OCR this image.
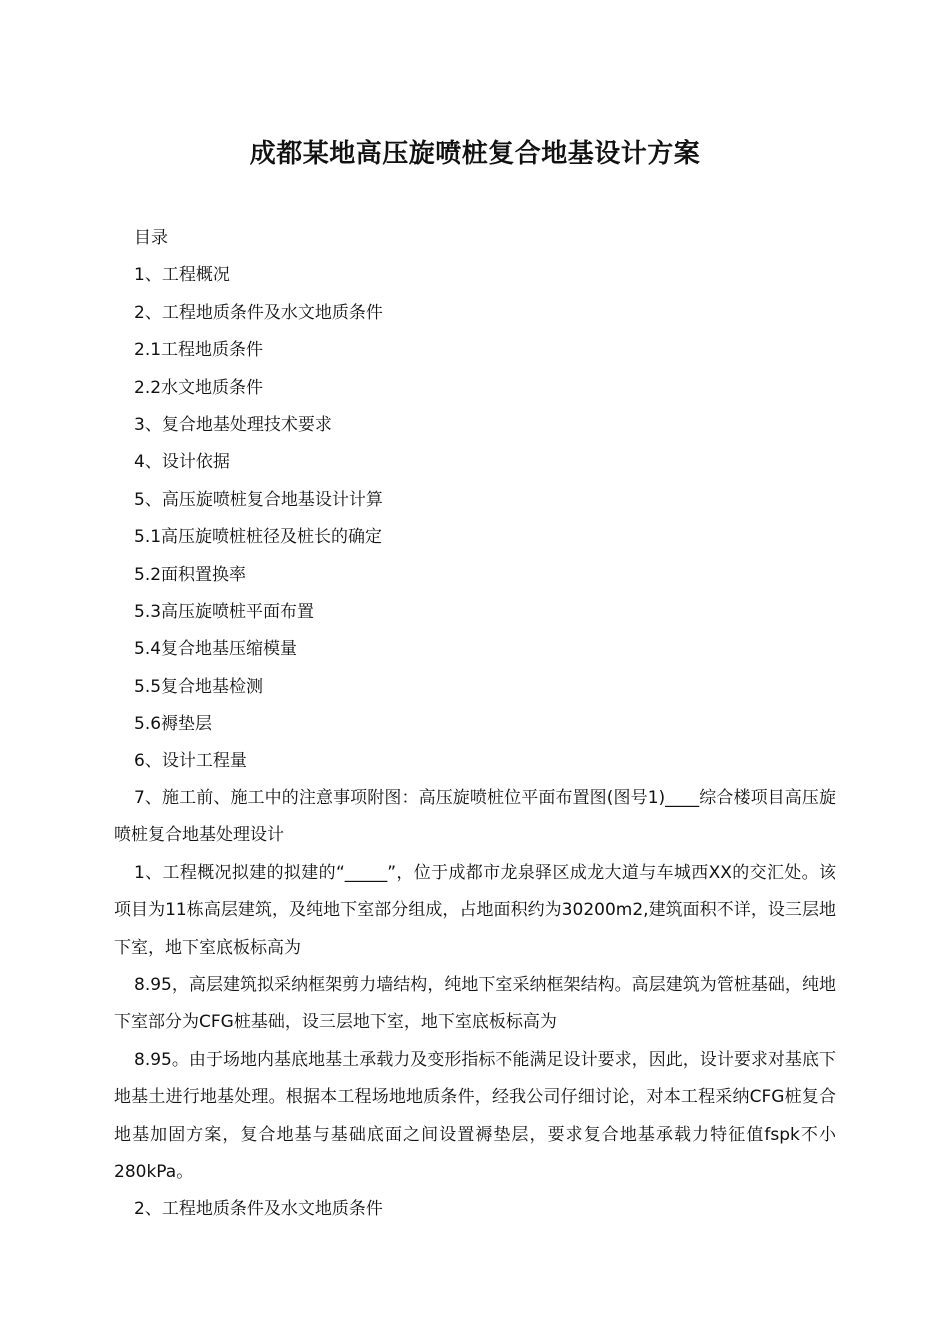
成都某地高压旋喷桩复合地基设计方案
目录
1、工程概况
2、工程地质条件及水文地质条件
2.1工程地质条件
2.2水文地质条件
3、复合地基处理技术要求
4、设计依据
5、高压旋喷桩复合地基设计计算
5.1高压旋喷桩桩径及桩长的确定
5.2面积置换率
5.3高压旋喷桩平面布置
5.4复合地基压缩模量
5.5复合地基检测
5.6褥垫层
6、设计工程量

7、施工前、施工中的注意事项附图：高压旋喷桩位平面布置图(图号1)____综合楼项目高压旋喷桩复合地基处理设计

1、工程概况拟建的拟建的“_____”，位于成都市龙泉驿区成龙大道与车城西XX的交汇处。该项目为11栋高层建筑，及纯地下室部分组成，占地面积约为30200m2,建筑面积不详，设三层地下室，地下室底板标高为

8.95，高层建筑拟采纳框架剪力墙结构，纯地下室采纳框架结构。高层建筑为管桩基础，纯地下室部分为CFG桩基础，设三层地下室，地下室底板标高为

8.95。由于场地内基底地基土承载力及变形指标不能满足设计要求，因此，设计要求对基底下地基土进行地基处理。根据本工程场地地质条件，经我公司仔细讨论，对本工程采纳CFG桩复合地基加固方案，复合地基与基础底面之间设置褥垫层，要求复合地基承载力特征值fspk不小280kPa。

2、工程地质条件及水文地质条件
